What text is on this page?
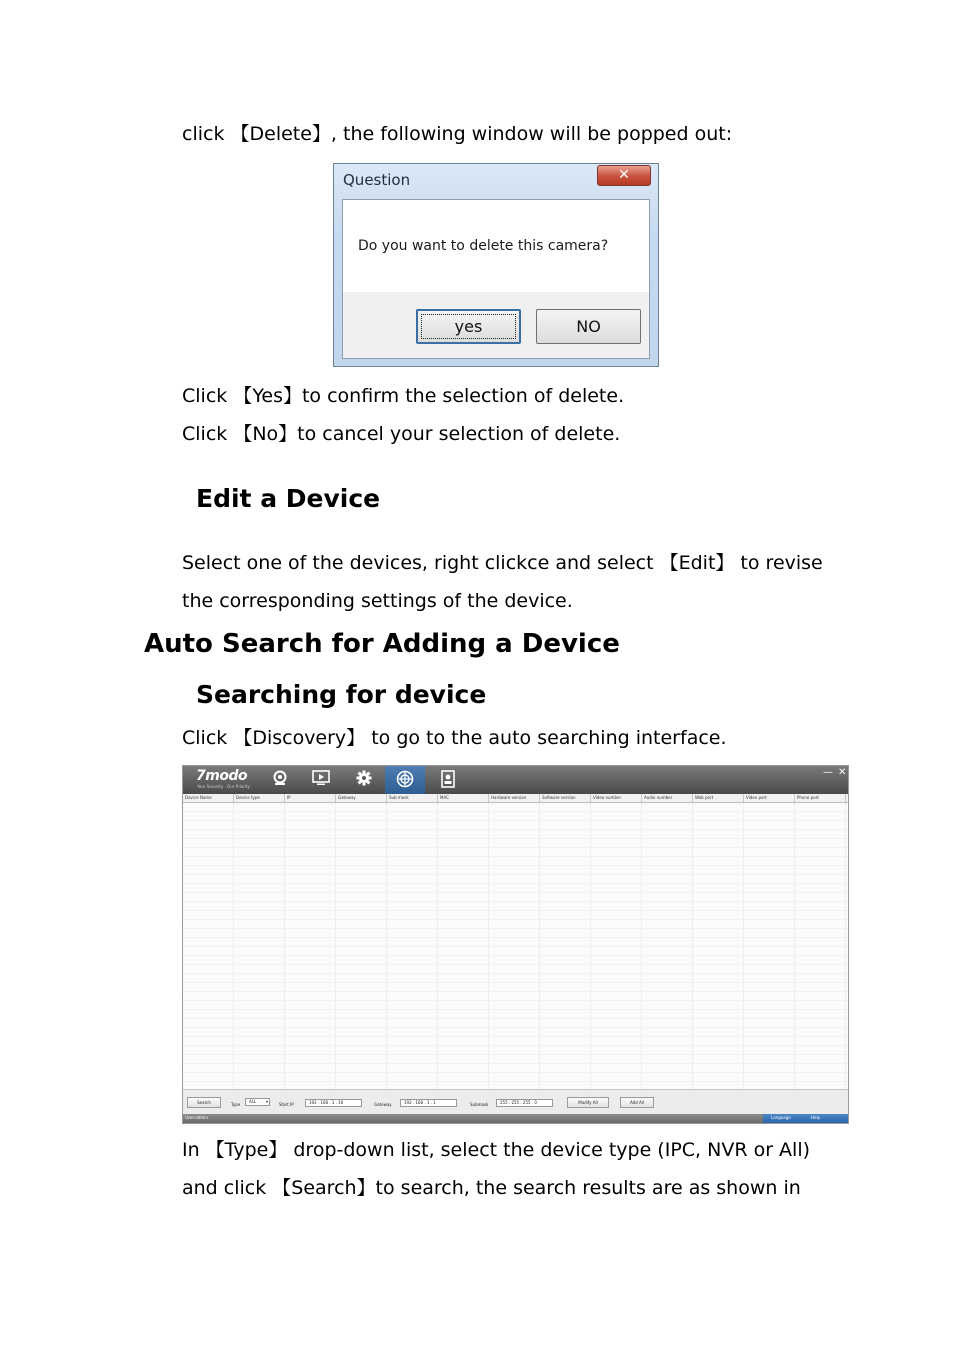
click 【Delete】, the following window will be popped out:
Question	✕
Do you want to delete this camera?
yes	NO
Click 【Yes】to confirm the selection of delete.
Click 【No】to cancel your selection of delete.
Edit a Device
Select one of the devices, right clickce and select 【Edit】 to revise
the corresponding settings of the device.
Auto Search for Adding a Device
Searching for device
Click 【Discovery】 to go to the auto searching interface.
7modo
Your Security · Our Priority
— ✕
Device Name	Device type	IP	Gateway	Sub mask	MAC	Hardware version	Software version	Video number	Audio number	Web port	Video port	Phone port
Search	Type
ALL ▾
Start IP	192 . 168 . 1 . 10	Gateway	192 . 168 . 1 . 1	Submask	255 . 255 . 255 . 0	Modify All	Add All
User:admin	Language	Help
In 【Type】 drop-down list, select the device type (IPC, NVR or All)
and click 【Search】to search, the search results are as shown in
